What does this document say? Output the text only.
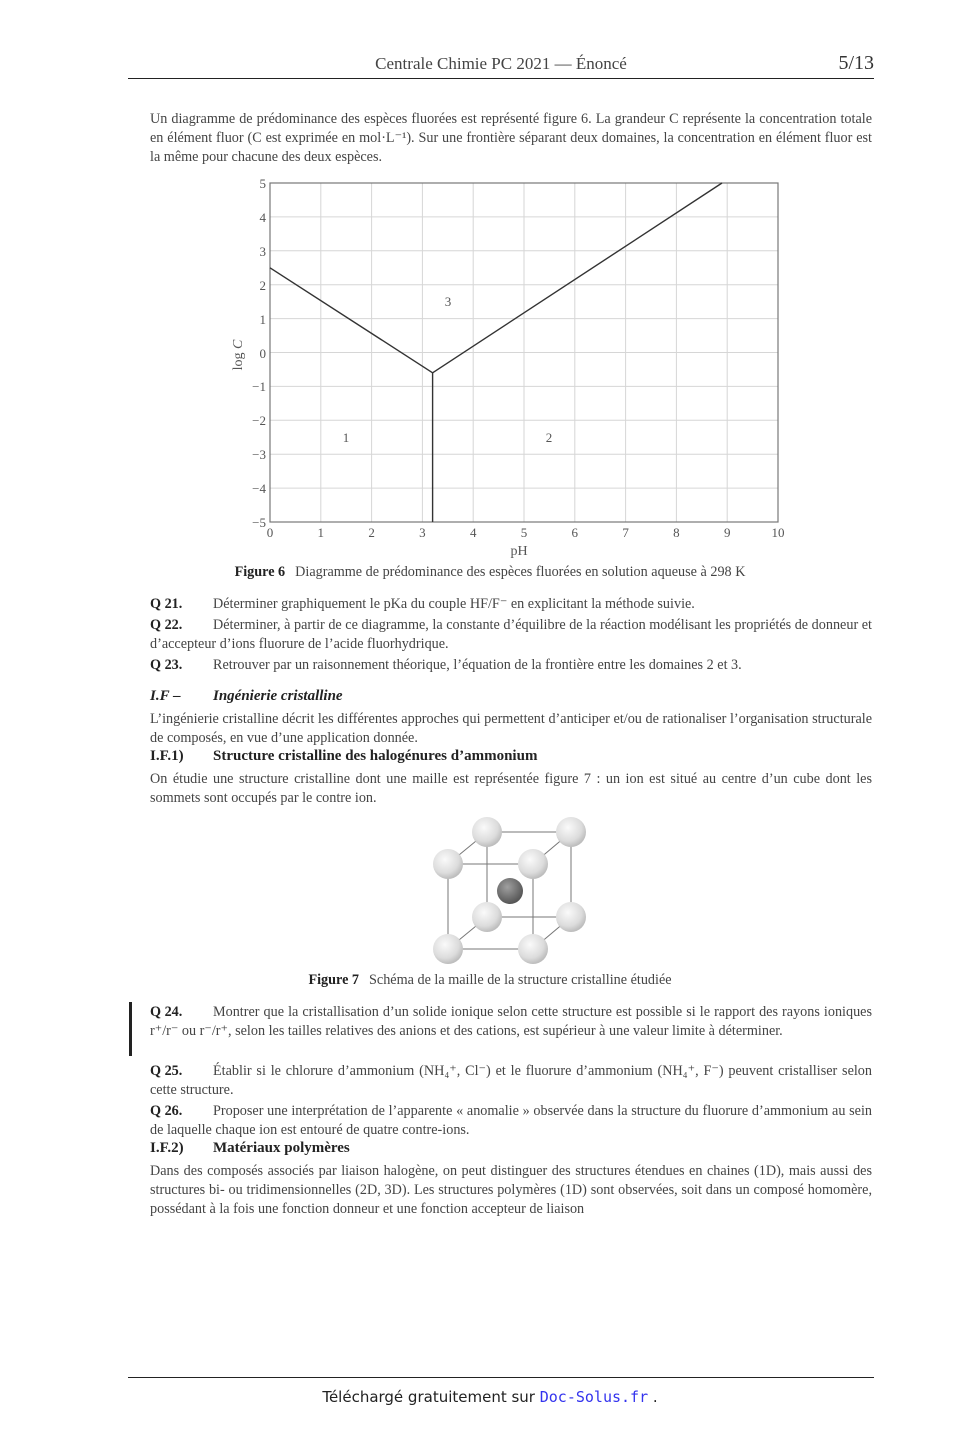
Centrale Chimie PC 2021 — Énoncé	5/13
Un diagramme de prédominance des espèces fluorées est représenté figure 6. La grandeur C représente la concentration totale en élément fluor (C est exprimée en mol·L⁻¹). Sur une frontière séparant deux domaines, la concentration en élément fluor est la même pour chacune des deux espèces.
1	2
3
5
4
3
2
1
0
−1
−2
−3
−4
−5
0	1	2	3	4	5	6	7	8	9	10
pH
log C
Figure 6 Diagramme de prédominance des espèces fluorées en solution aqueuse à 298 K
Q 21. Déterminer graphiquement le pKa du couple HF/F⁻ en explicitant la méthode suivie.
Q 22. Déterminer, à partir de ce diagramme, la constante d’équilibre de la réaction modélisant les propriétés de donneur et d’accepteur d’ions fluorure de l’acide fluorhydrique.
Q 23. Retrouver par un raisonnement théorique, l’équation de la frontière entre les domaines 2 et 3.
I.F – Ingénierie cristalline
L’ingénierie cristalline décrit les différentes approches qui permettent d’anticiper et/ou de rationaliser l’organisation structurale de composés, en vue d’une application donnée.
I.F.1) Structure cristalline des halogénures d’ammonium
On étudie une structure cristalline dont une maille est représentée figure 7 : un ion est situé au centre d’un cube dont les sommets sont occupés par le contre ion.
Figure 7 Schéma de la maille de la structure cristalline étudiée
Q 24. Montrer que la cristallisation d’un solide ionique selon cette structure est possible si le rapport des rayons ioniques r⁺/r⁻ ou r⁻/r⁺, selon les tailles relatives des anions et des cations, est supérieur à une valeur limite à déterminer.
Q 25. Établir si le chlorure d’ammonium (NH₄⁺, Cl⁻) et le fluorure d’ammonium (NH₄⁺, F⁻) peuvent cristalliser selon cette structure.
Q 26. Proposer une interprétation de l’apparente « anomalie » observée dans la structure du fluorure d’ammonium au sein de laquelle chaque ion est entouré de quatre contre-ions.
I.F.2) Matériaux polymères
Dans des composés associés par liaison halogène, on peut distinguer des structures étendues en chaines (1D), mais aussi des structures bi- ou tridimensionnelles (2D, 3D). Les structures polymères (1D) sont observées, soit dans un composé homomère, possédant à la fois une fonction donneur et une fonction accepteur de liaison
Téléchargé gratuitement sur Doc-Solus.fr .
